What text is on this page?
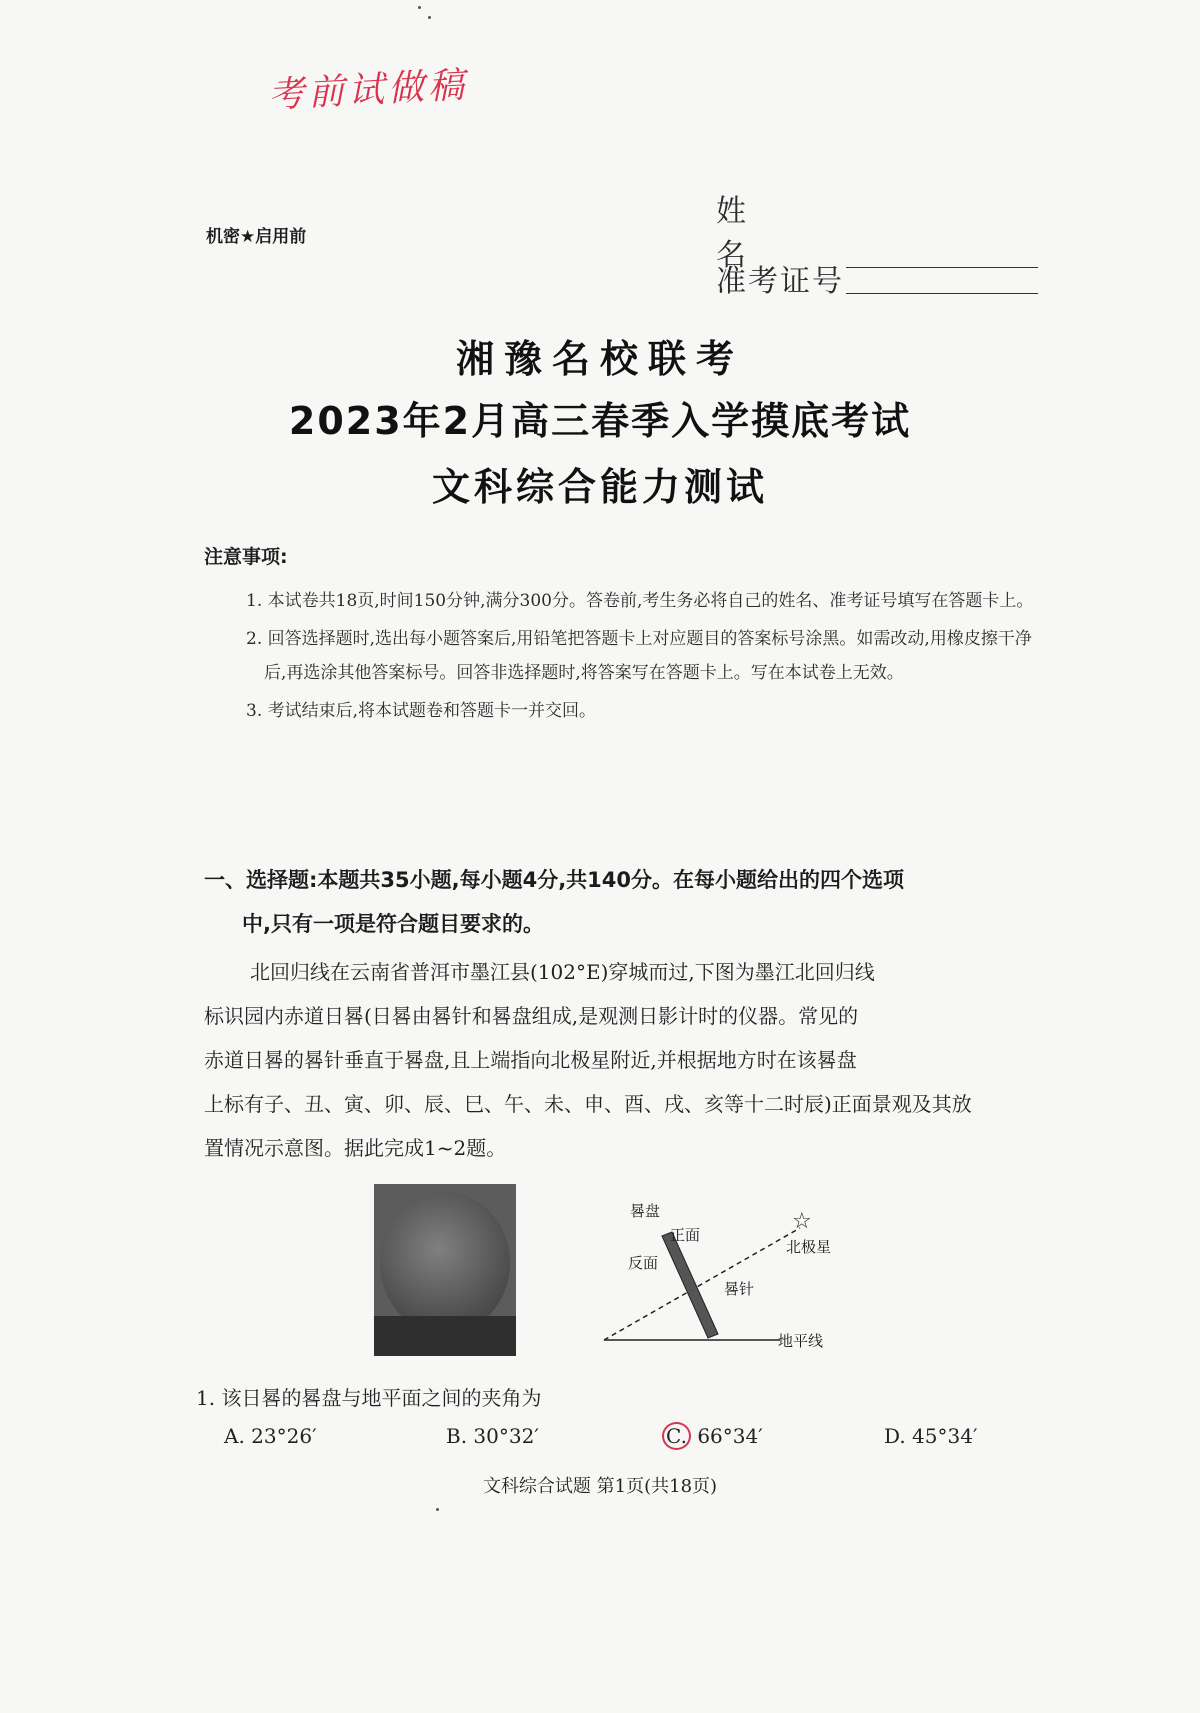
考前试做稿
机密★启用前
姓名
准考证号
湘豫名校联考
2023年2月高三春季入学摸底考试
文科综合能力测试
注意事项:

1. 本试卷共18页,时间150分钟,满分300分。答卷前,考生务必将自己的姓名、准考证号填写在答题卡上。

2. 回答选择题时,选出每小题答案后,用铅笔把答题卡上对应题目的答案标号涂黑。如需改动,用橡皮擦干净后,再选涂其他答案标号。回答非选择题时,将答案写在答题卡上。写在本试卷上无效。

3. 考试结束后,将本试题卷和答题卡一并交回。

一、选择题:本题共35小题,每小题4分,共140分。在每小题给出的四个选项
中,只有一项是符合题目要求的。
北回归线在云南省普洱市墨江县(102°E)穿城而过,下图为墨江北回归线
标识园内赤道日晷(日晷由晷针和晷盘组成,是观测日影计时的仪器。常见的
赤道日晷的晷针垂直于晷盘,且上端指向北极星附近,并根据地方时在该晷盘
上标有子、丑、寅、卯、辰、巳、午、未、申、酉、戌、亥等十二时辰)正面景观及其放
置情况示意图。据此完成1~2题。
晷盘
正面
反面
晷针
☆
北极星
地平线
1. 该日晷的晷盘与地平面之间的夹角为
A. 23°26′	B. 30°32′	C. 66°34′	D. 45°34′
文科综合试题 第1页(共18页)
